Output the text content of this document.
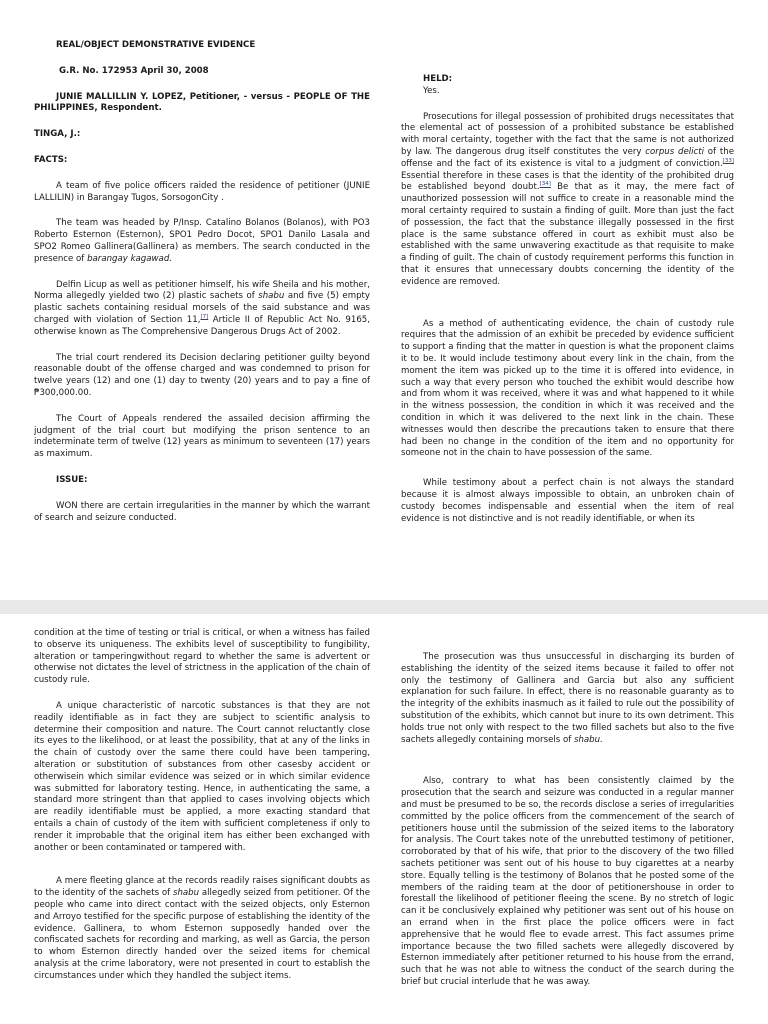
REAL/OBJECT DEMONSTRATIVE EVIDENCE

G.R. No. 172953 April 30, 2008

JUNIE MALLILLIN Y. LOPEZ, Petitioner, - versus - PEOPLE OF THE PHILIPPINES, Respondent.

TINGA, J.:

FACTS:

A team of five police officers raided the residence of petitioner (JUNIE LALLILIN) in Barangay Tugos, SorsogonCity .

The team was headed by P/Insp. Catalino Bolanos (Bolanos), with PO3 Roberto Esternon (Esternon), SPO1 Pedro Docot, SPO1 Danilo Lasala and SPO2 Romeo Gallinera(Gallinera) as members. The search conducted in the presence of barangay kagawad.

Delfin Licup as well as petitioner himself, his wife Sheila and his mother, Norma allegedly yielded two (2) plastic sachets of shabu and five (5) empty plastic sachets containing residual morsels of the said substance and was charged with violation of Section 11,[7] Article II of Republic Act No. 9165, otherwise known as The Comprehensive Dangerous Drugs Act of 2002.

The trial court rendered its Decision declaring petitioner guilty beyond reasonable doubt of the offense charged and was condemned to prison for twelve years (12) and one (1) day to twenty (20) years and to pay a fine of ₱300,000.00.

The Court of Appeals rendered the assailed decision affirming the judgment of the trial court but modifying the prison sentence to an indeterminate term of twelve (12) years as minimum to seventeen (17) years as maximum.

ISSUE:

WON there are certain irregularities in the manner by which the warrant of search and seizure conducted.

HELD:

Yes.

Prosecutions for illegal possession of prohibited drugs necessitates that the elemental act of possession of a prohibited substance be established with moral certainty, together with the fact that the same is not authorized by law. The dangerous drug itself constitutes the very corpus delicti of the offense and the fact of its existence is vital to a judgment of conviction.[33] Essential therefore in these cases is that the identity of the prohibited drug be established beyond doubt.[34] Be that as it may, the mere fact of unauthorized possession will not suffice to create in a reasonable mind the moral certainty required to sustain a finding of guilt. More than just the fact of possession, the fact that the substance illegally possessed in the first place is the same substance offered in court as exhibit must also be established with the same unwavering exactitude as that requisite to make a finding of guilt. The chain of custody requirement performs this function in that it ensures that unnecessary doubts concerning the identity of the evidence are removed.

As a method of authenticating evidence, the chain of custody rule requires that the admission of an exhibit be preceded by evidence sufficient to support a finding that the matter in question is what the proponent claims it to be. It would include testimony about every link in the chain, from the moment the item was picked up to the time it is offered into evidence, in such a way that every person who touched the exhibit would describe how and from whom it was received, where it was and what happened to it while in the witness possession, the condition in which it was received and the condition in which it was delivered to the next link in the chain. These witnesses would then describe the precautions taken to ensure that there had been no change in the condition of the item and no opportunity for someone not in the chain to have possession of the same.

While testimony about a perfect chain is not always the standard because it is almost always impossible to obtain, an unbroken chain of custody becomes indispensable and essential when the item of real evidence is not distinctive and is not readily identifiable, or when its

condition at the time of testing or trial is critical, or when a witness has failed to observe its uniqueness. The exhibits level of susceptibility to fungibility, alteration or tamperingwithout regard to whether the same is advertent or otherwise not dictates the level of strictness in the application of the chain of custody rule.

A unique characteristic of narcotic substances is that they are not readily identifiable as in fact they are subject to scientific analysis to determine their composition and nature. The Court cannot reluctantly close its eyes to the likelihood, or at least the possibility, that at any of the links in the chain of custody over the same there could have been tampering, alteration or substitution of substances from other casesby accident or otherwisein which similar evidence was seized or in which similar evidence was submitted for laboratory testing. Hence, in authenticating the same, a standard more stringent than that applied to cases involving objects which are readily identifiable must be applied, a more exacting standard that entails a chain of custody of the item with sufficient completeness if only to render it improbable that the original item has either been exchanged with another or been contaminated or tampered with.

A mere fleeting glance at the records readily raises significant doubts as to the identity of the sachets of shabu allegedly seized from petitioner. Of the people who came into direct contact with the seized objects, only Esternon and Arroyo testified for the specific purpose of establishing the identity of the evidence. Gallinera, to whom Esternon supposedly handed over the confiscated sachets for recording and marking, as well as Garcia, the person to whom Esternon directly handed over the seized items for chemical analysis at the crime laboratory, were not presented in court to establish the circumstances under which they handled the subject items.

The prosecution was thus unsuccessful in discharging its burden of establishing the identity of the seized items because it failed to offer not only the testimony of Gallinera and Garcia but also any sufficient explanation for such failure. In effect, there is no reasonable guaranty as to the integrity of the exhibits inasmuch as it failed to rule out the possibility of substitution of the exhibits, which cannot but inure to its own detriment. This holds true not only with respect to the two filled sachets but also to the five sachets allegedly containing morsels of shabu.

Also, contrary to what has been consistently claimed by the prosecution that the search and seizure was conducted in a regular manner and must be presumed to be so, the records disclose a series of irregularities committed by the police officers from the commencement of the search of petitioners house until the submission of the seized items to the laboratory for analysis. The Court takes note of the unrebutted testimony of petitioner, corroborated by that of his wife, that prior to the discovery of the two filled sachets petitioner was sent out of his house to buy cigarettes at a nearby store. Equally telling is the testimony of Bolanos that he posted some of the members of the raiding team at the door of petitionershouse in order to forestall the likelihood of petitioner fleeing the scene. By no stretch of logic can it be conclusively explained why petitioner was sent out of his house on an errand when in the first place the police officers were in fact apprehensive that he would flee to evade arrest. This fact assumes prime importance because the two filled sachets were allegedly discovered by Esternon immediately after petitioner returned to his house from the errand, such that he was not able to witness the conduct of the search during the brief but crucial interlude that he was away.
